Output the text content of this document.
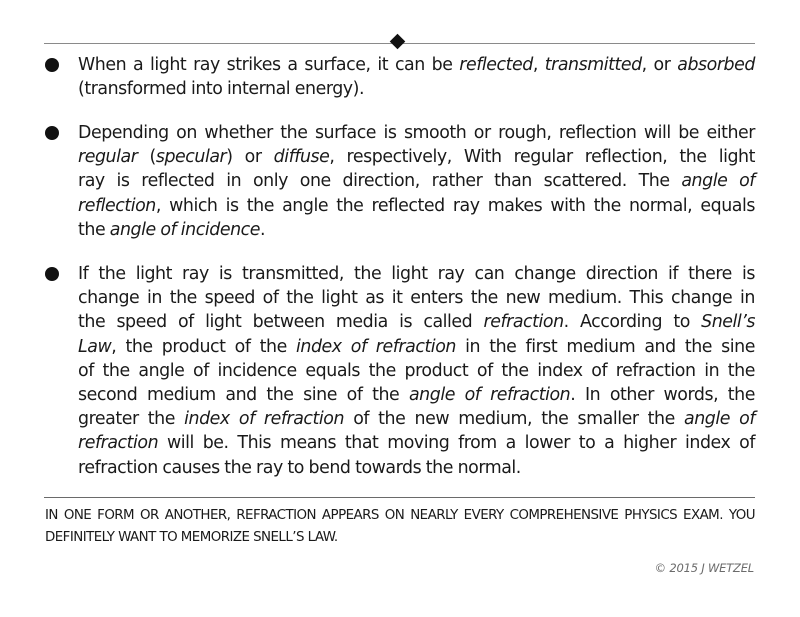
When a light ray strikes a surface, it can be reflected, transmitted, or absorbed
(transformed into internal energy).
Depending on whether the surface is smooth or rough, reflection will be either
regular (specular) or diffuse, respectively, With regular reflection, the light
ray is reflected in only one direction, rather than scattered. The angle of
reflection, which is the angle the reflected ray makes with the normal, equals
the angle of incidence.
If the light ray is transmitted, the light ray can change direction if there is
change in the speed of the light as it enters the new medium. This change in
the speed of light between media is called refraction. According to Snell’s
Law, the product of the index of refraction in the first medium and the sine
of the angle of incidence equals the product of the index of refraction in the
second medium and the sine of the angle of refraction. In other words, the
greater the index of refraction of the new medium, the smaller the angle of
refraction will be. This means that moving from a lower to a higher index of
refraction causes the ray to bend towards the normal.
IN ONE FORM OR ANOTHER, REFRACTION APPEARS ON NEARLY EVERY COMPREHENSIVE PHYSICS EXAM. YOU
DEFINITELY WANT TO MEMORIZE SNELL’S LAW.
© 2015 J WETZEL
